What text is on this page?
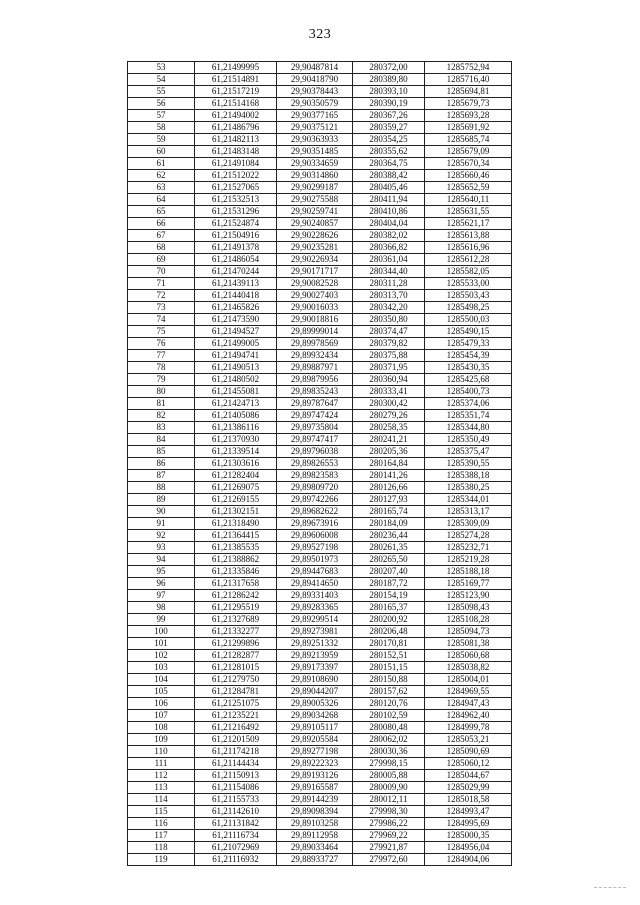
323
53	61,21499995	29,90487814	280372,00	1285752,94
54	61,21514891	29,90418790	280389,80	1285716,40
55	61,21517219	29,90378443	280393,10	1285694,81
56	61,21514168	29,90350579	280390,19	1285679,73
57	61,21494002	29,90377165	280367,26	1285693,28
58	61,21486796	29,90375121	280359,27	1285691,92
59	61,21482113	29,90363933	280354,25	1285685,74
60	61,21483148	29,90351485	280355,62	1285679,09
61	61,21491084	29,90334659	280364,75	1285670,34
62	61,21512022	29,90314860	280388,42	1285660,46
63	61,21527065	29,90299187	280405,46	1285652,59
64	61,21532513	29,90275588	280411,94	1285640,11
65	61,21531296	29,90259741	280410,86	1285631,55
66	61,21524874	29,90240857	280404,04	1285621,17
67	61,21504916	29,90228626	280382,02	1285613,88
68	61,21491378	29,90235281	280366,82	1285616,96
69	61,21486054	29,90226934	280361,04	1285612,28
70	61,21470244	29,90171717	280344,40	1285582,05
71	61,21439113	29,90082528	280311,28	1285533,00
72	61,21440418	29,90027403	280313,70	1285503,43
73	61,21465826	29,90016033	280342,20	1285498,25
74	61,21473590	29,90018816	280350,80	1285500,03
75	61,21494527	29,89999014	280374,47	1285490,15
76	61,21499005	29,89978569	280379,82	1285479,33
77	61,21494741	29,89932434	280375,88	1285454,39
78	61,21490513	29,89887971	280371,95	1285430,35
79	61,21480502	29,89879956	280360,94	1285425,68
80	61,21455081	29,89835243	280333,41	1285400,73
81	61,21424713	29,89787647	280300,42	1285374,06
82	61,21405086	29,89747424	280279,26	1285351,74
83	61,21386116	29,89735804	280258,35	1285344,80
84	61,21370930	29,89747417	280241,21	1285350,49
85	61,21339514	29,89796038	280205,36	1285375,47
86	61,21303616	29,89826553	280164,84	1285390,55
87	61,21282404	29,89823583	280141,26	1285388,18
88	61,21269075	29,89809720	280126,66	1285380,25
89	61,21269155	29,89742266	280127,93	1285344,01
90	61,21302151	29,89682622	280165,74	1285313,17
91	61,21318490	29,89673916	280184,09	1285309,09
92	61,21364415	29,89606008	280236,44	1285274,28
93	61,21385535	29,89527198	280261,35	1285232,71
94	61,21388862	29,89501973	280265,50	1285219,28
95	61,21335846	29,89447683	280207,40	1285188,18
96	61,21317658	29,89414650	280187,72	1285169,77
97	61,21286242	29,89331403	280154,19	1285123,90
98	61,21295519	29,89283365	280165,37	1285098,43
99	61,21327689	29,89299514	280200,92	1285108,28
100	61,21332277	29,89273981	280206,48	1285094,73
101	61,21299896	29,89251332	280170,81	1285081,38
102	61,21282877	29,89213959	280152,51	1285060,68
103	61,21281015	29,89173397	280151,15	1285038,82
104	61,21279750	29,89108690	280150,88	1285004,01
105	61,21284781	29,89044207	280157,62	1284969,55
106	61,21251075	29,89005326	280120,76	1284947,43
107	61,21235221	29,89034268	280102,59	1284962,40
108	61,21216492	29,89105117	280080,48	1284999,78
109	61,21201509	29,89205584	280062,02	1285053,21
110	61,21174218	29,89277198	280030,36	1285090,69
111	61,21144434	29,89222323	279998,15	1285060,12
112	61,21150913	29,89193126	280005,88	1285044,67
113	61,21154086	29,89165587	280009,90	1285029,99
114	61,21155733	29,89144239	280012,11	1285018,58
115	61,21142610	29,89098394	279998,30	1284993,47
116	61,21131842	29,89103258	279986,22	1284995,69
117	61,21116734	29,89112958	279969,22	1285000,35
118	61,21072969	29,89033464	279921,87	1284956,04
119	61,21116932	29,88933727	279972,60	1284904,06
